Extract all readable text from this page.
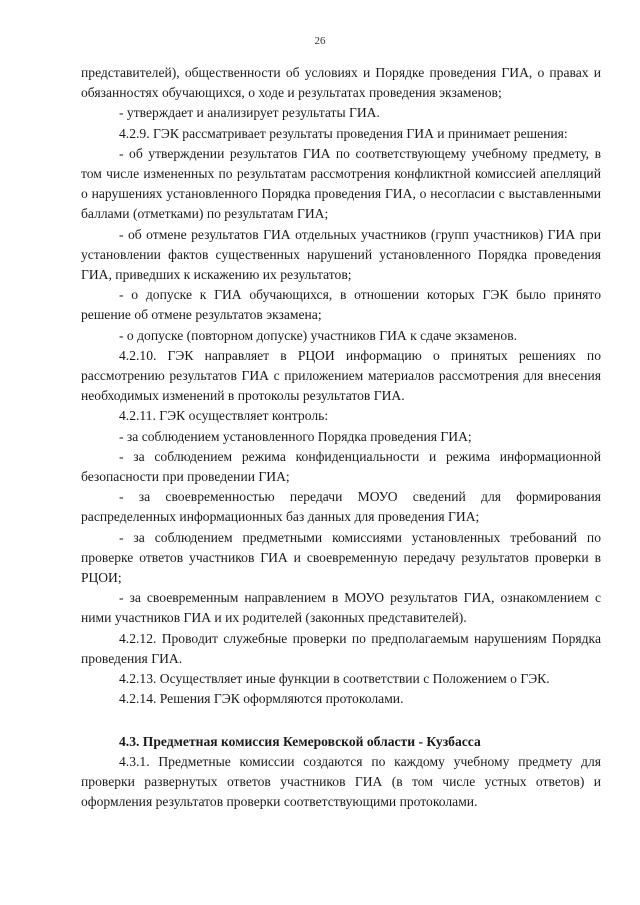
26

представителей), общественности об условиях и Порядке проведения ГИА, о правах и обязанностях обучающихся, о ходе и результатах проведения экзаменов;

- утверждает и анализирует результаты ГИА.

4.2.9. ГЭК рассматривает результаты проведения ГИА и принимает решения:

- об утверждении результатов ГИА по соответствующему учебному предмету, в том числе измененных по результатам рассмотрения конфликтной комиссией апелляций о нарушениях установленного Порядка проведения ГИА, о несогласии с выставленными баллами (отметками) по результатам ГИА;

- об отмене результатов ГИА отдельных участников (групп участников) ГИА при установлении фактов существенных нарушений установленного Порядка проведения ГИА, приведших к искажению их результатов;

- о допуске к ГИА обучающихся, в отношении которых ГЭК было принято решение об отмене результатов экзамена;

- о допуске (повторном допуске) участников ГИА к сдаче экзаменов.

4.2.10. ГЭК направляет в РЦОИ информацию о принятых решениях по рассмотрению результатов ГИА с приложением материалов рассмотрения для внесения необходимых изменений в протоколы результатов ГИА.

4.2.11. ГЭК осуществляет контроль:

- за соблюдением установленного Порядка проведения ГИА;

- за соблюдением режима конфиденциальности и режима информационной безопасности при проведении ГИА;

- за своевременностью передачи МОУО сведений для формирования распределенных информационных баз данных для проведения ГИА;

- за соблюдением предметными комиссиями установленных требований по проверке ответов участников ГИА и своевременную передачу результатов проверки в РЦОИ;

- за своевременным направлением в МОУО результатов ГИА, ознакомлением с ними участников ГИА и их родителей (законных представителей).

4.2.12. Проводит служебные проверки по предполагаемым нарушениям Порядка проведения ГИА.

4.2.13. Осуществляет иные функции в соответствии с Положением о ГЭК.

4.2.14. Решения ГЭК оформляются протоколами.

4.3. Предметная комиссия Кемеровской области - Кузбасса

4.3.1. Предметные комиссии создаются по каждому учебному предмету для проверки развернутых ответов участников ГИА (в том числе устных ответов) и оформления результатов проверки соответствующими протоколами.
